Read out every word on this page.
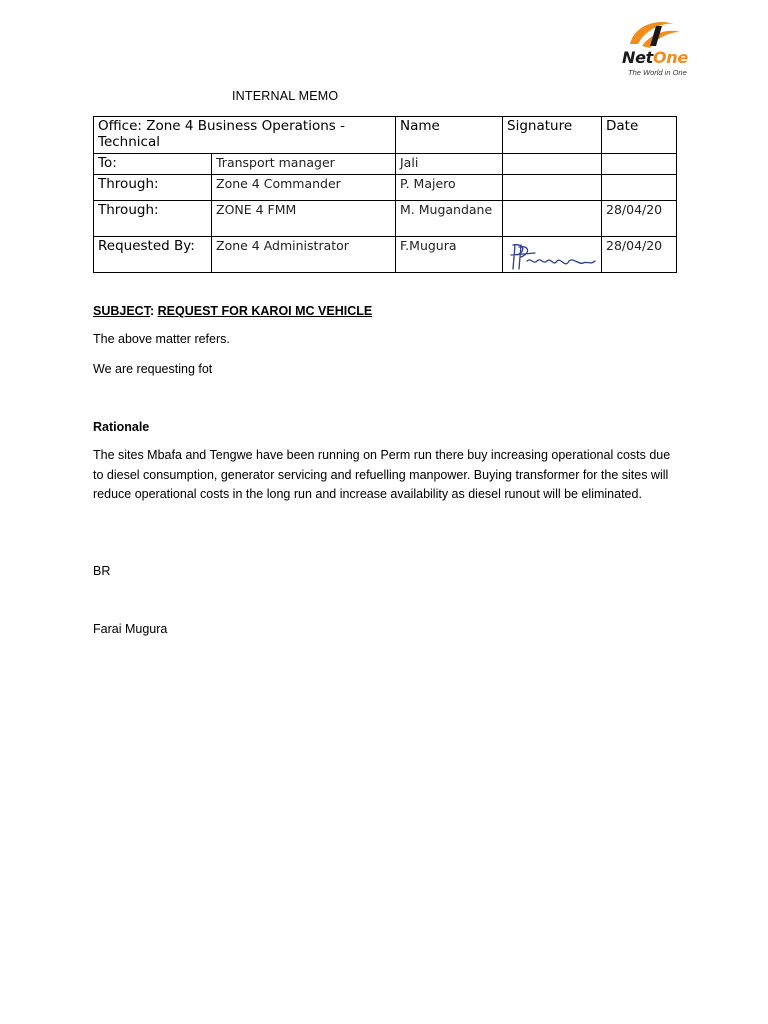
NetOne
The World in One
INTERNAL MEMO
Office: Zone 4 Business Operations - Technical		Name	Signature	Date
To:	Transport manager	Jali		
Through:	Zone 4 Commander	P. Majero		
Through:	ZONE 4 FMM	M. Mugandane		28/04/20
Requested By:	Zone 4 Administrator	F.Mugura		28/04/20
SUBJECT: REQUEST FOR KAROI MC VEHICLE
The above matter refers.
We are requesting fot
Rationale
The sites Mbafa and Tengwe have been running on Perm run there buy increasing operational costs due to diesel consumption, generator servicing and refuelling manpower. Buying transformer for the sites will reduce operational costs in the long run and increase availability as diesel runout will be eliminated.
BR
Farai Mugura
